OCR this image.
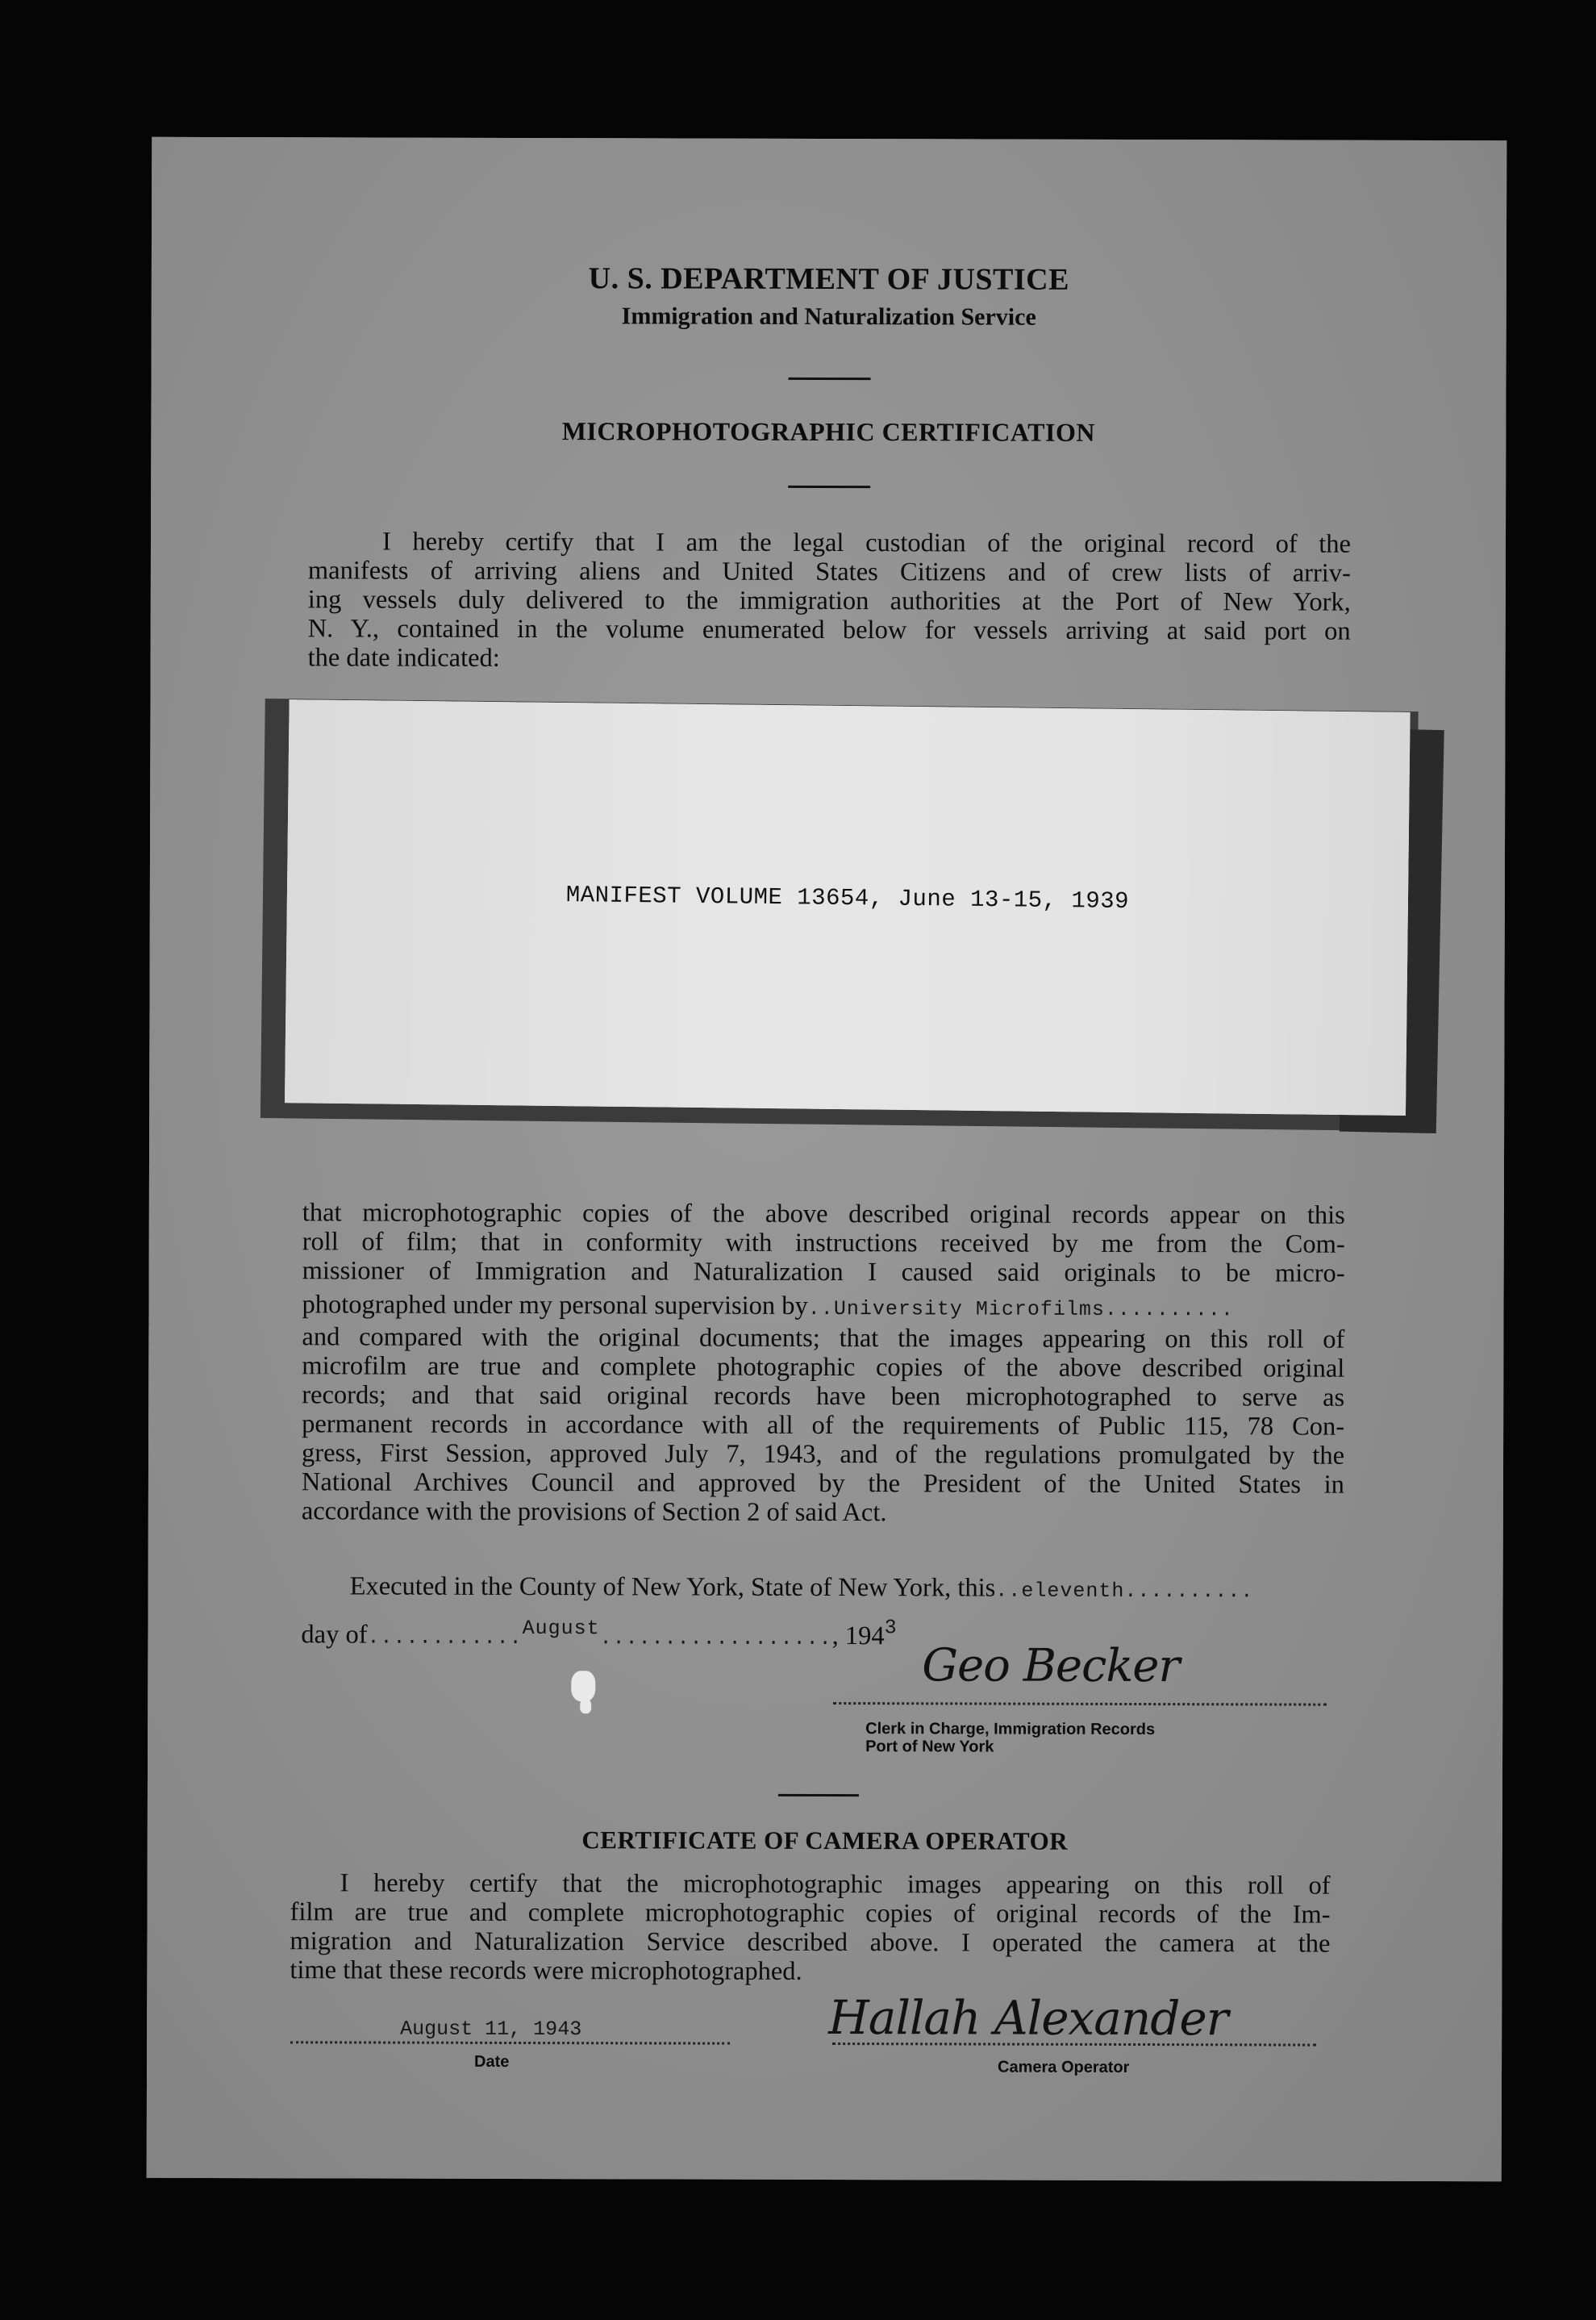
U. S. DEPARTMENT OF JUSTICE
Immigration and Naturalization Service
MICROPHOTOGRAPHIC CERTIFICATION
I hereby certify that I am the legal custodian of the original record of the
manifests of arriving aliens and United States Citizens and of crew lists of arriv-
ing vessels duly delivered to the immigration authorities at the Port of New York,
N. Y., contained in the volume enumerated below for vessels arriving at said port on
the date indicated:
MANIFEST VOLUME 13654, June 13-15, 1939
that microphotographic copies of the above described original records appear on this
roll of film; that in conformity with instructions received by me from the Com-
missioner of Immigration and Naturalization I caused said originals to be micro-
photographed under my personal supervision by..University Microfilms..........
and compared with the original documents; that the images appearing on this roll of
microfilm are true and complete photographic copies of the above described original
records; and that said original records have been microphotographed to serve as
permanent records in accordance with all of the requirements of Public 115, 78 Con-
gress, First Session, approved July 7, 1943, and of the regulations promulgated by the
National Archives Council and approved by the President of the United States in
accordance with the provisions of Section 2 of said Act.
Executed in the County of New York, State of New York, this..eleventh..........
day of............August.................., $194^3$
Geo Becker
Clerk in Charge, Immigration Records
Port of New York
CERTIFICATE OF CAMERA OPERATOR
I hereby certify that the microphotographic images appearing on this roll of
film are true and complete microphotographic copies of original records of the Im-
migration and Naturalization Service described above. I operated the camera at the
time that these records were microphotographed.
August 11, 1943
Date
Hallah Alexander
Camera Operator
